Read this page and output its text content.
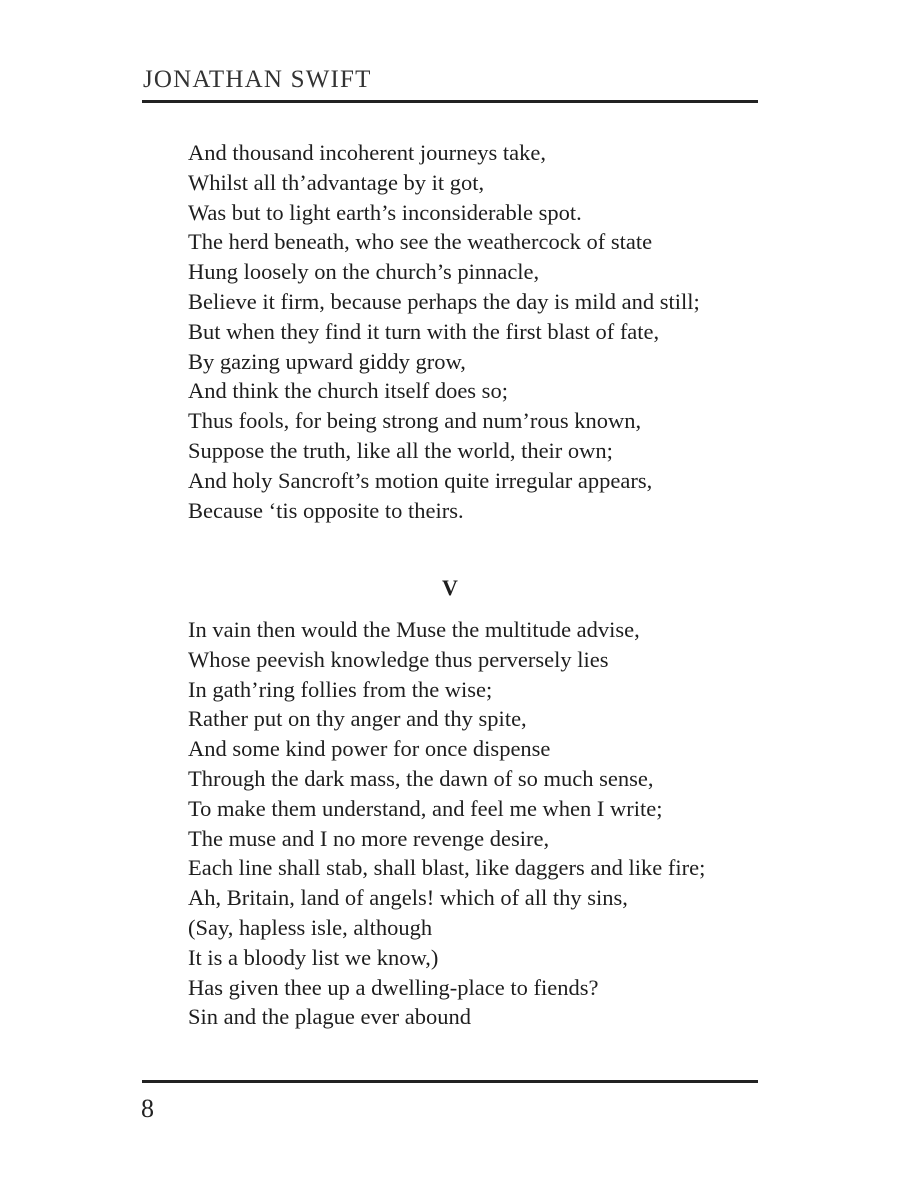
JONATHAN SWIFT
And thousand incoherent journeys take,
Whilst all th’advantage by it got,
Was but to light earth’s inconsiderable spot.
The herd beneath, who see the weathercock of state
Hung loosely on the church’s pinnacle,
Believe it firm, because perhaps the day is mild and still;
But when they find it turn with the first blast of fate,
By gazing upward giddy grow,
And think the church itself does so;
Thus fools, for being strong and num’rous known,
Suppose the truth, like all the world, their own;
And holy Sancroft’s motion quite irregular appears,
Because ‘tis opposite to theirs.
V
In vain then would the Muse the multitude advise,
Whose peevish knowledge thus perversely lies
In gath’ring follies from the wise;
Rather put on thy anger and thy spite,
And some kind power for once dispense
Through the dark mass, the dawn of so much sense,
To make them understand, and feel me when I write;
The muse and I no more revenge desire,
Each line shall stab, shall blast, like daggers and like fire;
Ah, Britain, land of angels! which of all thy sins,
(Say, hapless isle, although
It is a bloody list we know,)
Has given thee up a dwelling-place to fiends?
Sin and the plague ever abound
8
